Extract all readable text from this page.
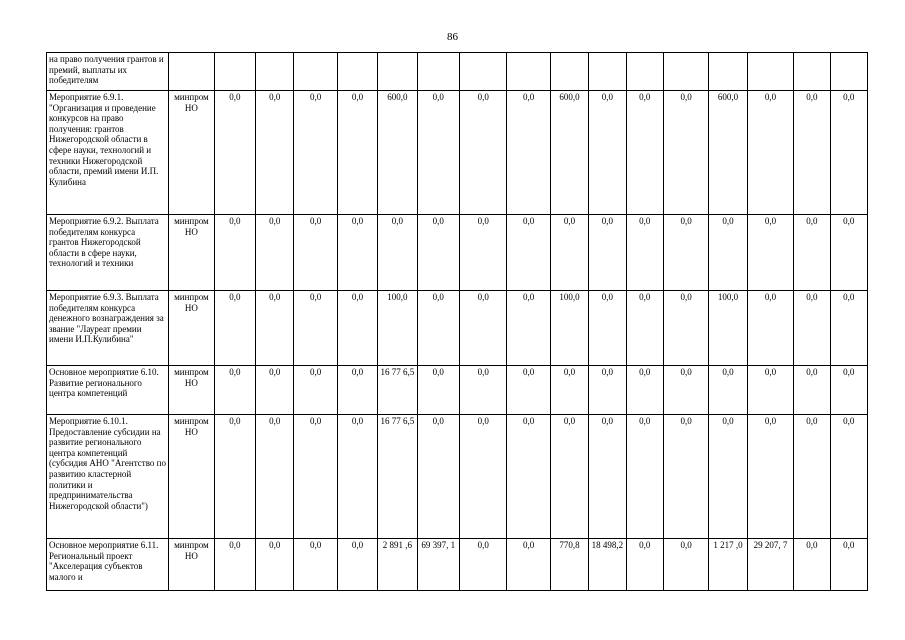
86
на право получения грантов и премий, выплаты их победителям																	
Мероприятие 6.9.1. "Организация и проведение конкурсов на право получения: грантов Нижегородской области в сфере науки, технологий и техники Нижегородской области, премий имени И.П. Кулибина	минпром НО	0,0	0,0	0,0	0,0	600,0	0,0	0,0	0,0	600,0	0,0	0,0	0,0	600,0	0,0	0,0	0,0
Мероприятие 6.9.2. Выплата победителям конкурса грантов Нижегородской области в сфере науки, технологий и техники	минпром НО	0,0	0,0	0,0	0,0	0,0	0,0	0,0	0,0	0,0	0,0	0,0	0,0	0,0	0,0	0,0	0,0
Мероприятие 6.9.3. Выплата победителям конкурса денежного вознаграждения за звание "Лауреат премии имени И.П.Кулибина"	минпром НО	0,0	0,0	0,0	0,0	100,0	0,0	0,0	0,0	100,0	0,0	0,0	0,0	100,0	0,0	0,0	0,0
Основное мероприятие 6.10. Развитие регионального центра компетенций	минпром НО	0,0	0,0	0,0	0,0	16 77 6,5	0,0	0,0	0,0	0,0	0,0	0,0	0,0	0,0	0,0	0,0	0,0
Мероприятие 6.10.1. Предоставление субсидии на развитие регионального центра компетенций (субсидия АНО "Агентство по развитию кластерной политики и предпринимательства Нижегородской области")	минпром НО	0,0	0,0	0,0	0,0	16 77 6,5	0,0	0,0	0,0	0,0	0,0	0,0	0,0	0,0	0,0	0,0	0,0
Основное мероприятие 6.11. Региональный проект "Акселерация субъектов малого и	минпром НО	0,0	0,0	0,0	0,0	2 891 ,6	69 397, 1	0,0	0,0	770,8	18 498,2	0,0	0,0	1 217 ,0	29 207, 7	0,0	0,0
